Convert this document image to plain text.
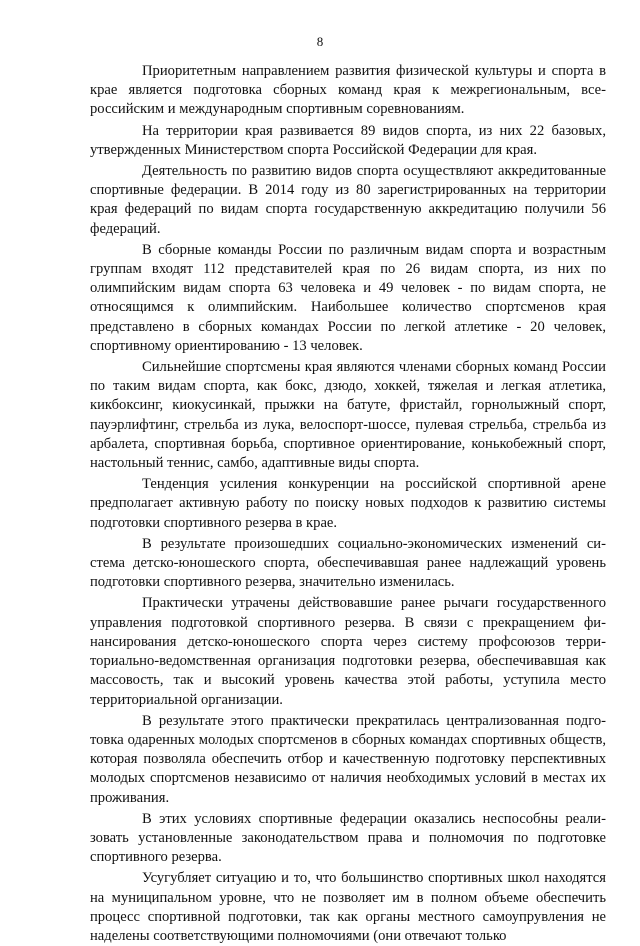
8

Приоритетным направлением развития физической культуры и спорта в крае является подготовка сборных команд края к межрегиональным, всероссийским и международным спортивным соревнованиям.

На территории края развивается 89 видов спорта, из них 22 базовых, утвержденных Министерством спорта Российской Федерации для края.

Деятельность по развитию видов спорта осуществляют аккредитованные спортивные федерации. В 2014 году из 80 зарегистрированных на территории края федераций по видам спорта государственную аккредитацию получили 56 федераций.

В сборные команды России по различным видам спорта и возрастным группам входят 112 представителей края по 26 видам спорта, из них по олимпийским видам спорта 63 человека и 49 человек - по видам спорта, не относящимся к олимпийским. Наибольшее количество спортсменов края представлено в сборных командах России по легкой атлетике - 20 человек, спортивному ориентированию - 13 человек.

Сильнейшие спортсмены края являются членами сборных команд России по таким видам спорта, как бокс, дзюдо, хоккей, тяжелая и легкая атлетика, кикбоксинг, киокусинкай, прыжки на батуте, фристайл, горнолыжный спорт, пауэрлифтинг, стрельба из лука, велоспорт-шоссе, пулевая стрельба, стрельба из арбалета, спортивная борьба, спортивное ориентирование, конькобежный спорт, настольный теннис, самбо, адаптивные виды спорта.

Тенденция усиления конкуренции на российской спортивной арене предполагает активную работу по поиску новых подходов к развитию системы подготовки спортивного резерва в крае.

В результате произошедших социально-экономических изменений система детско-юношеского спорта, обеспечивавшая ранее надлежащий уровень подготовки спортивного резерва, значительно изменилась.

Практически утрачены действовавшие ранее рычаги государственного управления подготовкой спортивного резерва. В связи с прекращением финансирования детско-юношеского спорта через систему профсоюзов территориально-ведомственная организация подготовки резерва, обеспечивавшая как массовость, так и высокий уровень качества этой работы, уступила место территориальной организации.

В результате этого практически прекратилась централизованная подготовка одаренных молодых спортсменов в сборных командах спортивных обществ, которая позволяла обеспечить отбор и качественную подготовку перспективных молодых спортсменов независимо от наличия необходимых условий в местах их проживания.

В этих условиях спортивные федерации оказались неспособны реализовать установленные законодательством права и полномочия по подготовке спортивного резерва.

Усугубляет ситуацию и то, что большинство спортивных школ находятся на муниципальном уровне, что не позволяет им в полном объеме обеспечить процесс спортивной подготовки, так как органы местного самоупрувления не наделены соответствующими полномочиями (они отвечают только
